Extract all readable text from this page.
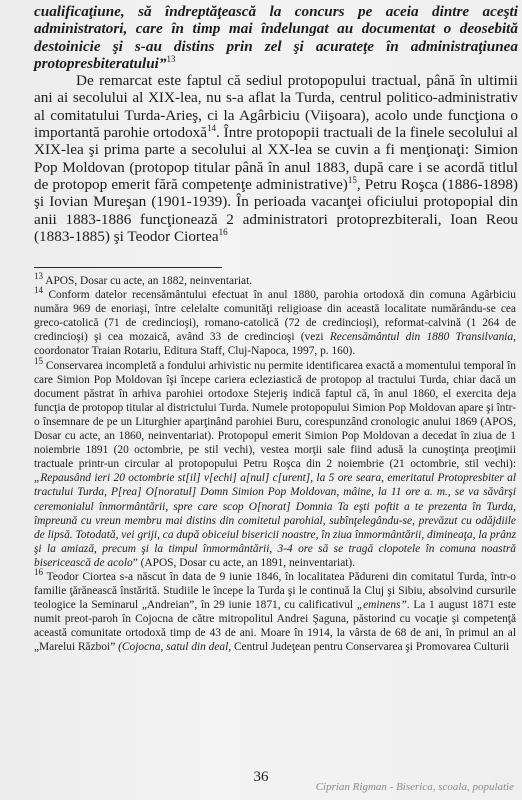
cualificaţiune, să îndreptăţească la concurs pe aceia dintre aceşti administratori, care în timp mai îndelungat au documentat o deosebită destoinicie şi s-au distins prin zel şi acurateţe în administraţiunea protopresbiteratului”$^{13}$

De remarcat este faptul că sediul protopopului tractual, până în ultimii ani ai secolului al XIX-lea, nu s-a aflat la Turda, centrul politico-administrativ al comitatului Turda-Arieş, ci la Agârbiciu (Viişoara), acolo unde funcţiona o importantă parohie ortodoxă$^{14}$. Între protopopii tractuali de la finele secolului al XIX-lea şi prima parte a secolului al XX-lea se cuvin a fi menţionaţi: Simion Pop Moldovan (protopop titular până în anul 1883, după care i se acordă titlul de protopop emerit fără competenţe administrative)$^{15}$, Petru Roşca (1886-1898) şi Iovian Mureşan (1901-1939). În perioada vacanţei oficiului protopopial din anii 1883-1886 funcţionează 2 administratori protoprezbiterali, Ioan Reou (1883-1885) şi Teodor Ciortea$^{16}$

$^{13}$ APOS, Dosar cu acte, an 1882, neinventariat.

$^{14}$ Conform datelor recensământului efectuat în anul 1880, parohia ortodoxă din comuna Agârbiciu număra 969 de enoriaşi, între celelalte comunităţi religioase din această localitate numărându-se cea greco-catolică (71 de credincioşi), romano-catolică (72 de credincioşi), reformat-calvină (1 264 de credincioşi) şi cea mozaică, având 33 de credincioşi (vezi Recensământul din 1880 Transilvania, coordonator Traian Rotariu, Editura Staff, Cluj-Napoca, 1997, p. 160).

$^{15}$ Conservarea incompletă a fondului arhivistic nu permite identificarea exactă a momentului temporal în care Simion Pop Moldovan îşi începe cariera ecleziastică de protopop al tractului Turda, chiar dacă un document păstrat în arhiva parohiei ortodoxe Stejeriş indică faptul că, în anul 1860, el exercita deja funcţia de protopop titular al districtului Turda. Numele protopopului Simion Pop Moldovan apare şi într-o însemnare de pe un Liturghier aparţinând parohiei Buru, corespunzând cronologic anului 1869 (APOS, Dosar cu acte, an 1860, neinventariat). Protopopul emerit Simion Pop Moldovan a decedat în ziua de 1 noiembrie 1891 (20 octombrie, pe stil vechi), vestea morţii sale fiind adusă la cunoştinţa preoţimii tractuale printr-un circular al protopopului Petru Roşca din 2 noiembrie (21 octombrie, stil vechi): „Repausând ieri 20 octombrie st[il] v[echi] a[nul] c[urent], la 5 ore seara, emeritatul Protopresbiter al tractului Turda, P[rea] O[noratul] Domn Simion Pop Moldovan, mâine, la 11 ore a. m., se va săvârşi ceremonialul înmormântării, spre care scop O[norat] Domnia Ta eşti poftit a te prezenta în Turda, împreună cu vreun membru mai distins din comitetul parohial, subînţelegându-se, prevăzut cu odăjdiile de lipsă. Totodată, vei griji, ca după obiceiul bisericii noastre, în ziua înmormântării, dimineaţa, la prânz şi la amiază, precum şi la timpul înmormântării, 3-4 ore să se tragă clopotele în comuna noastră bisericească de acolo” (APOS, Dosar cu acte, an 1891, neinventariat).

$^{16}$ Teodor Ciortea s-a născut în data de 9 iunie 1846, în localitatea Pădureni din comitatul Turda, într-o familie ţărănească înstărită. Studiile le începe la Turda şi le continuă la Cluj şi Sibiu, absolvind cursurile teologice la Seminarul „Andreian”, în 29 iunie 1871, cu calificativul „eminens”. La 1 august 1871 este numit preot-paroh în Cojocna de către mitropolitul Andrei Şaguna, păstorind cu vocaţie şi competenţă această comunitate ortodoxă timp de 43 de ani. Moare în 1914, la vârsta de 68 de ani, în primul an al „Marelui Război” (Cojocna, satul din deal, Centrul Judeţean pentru Conservarea şi Promovarea Culturii

36
Ciprian Rigman - Biserica, scoala, populatie
